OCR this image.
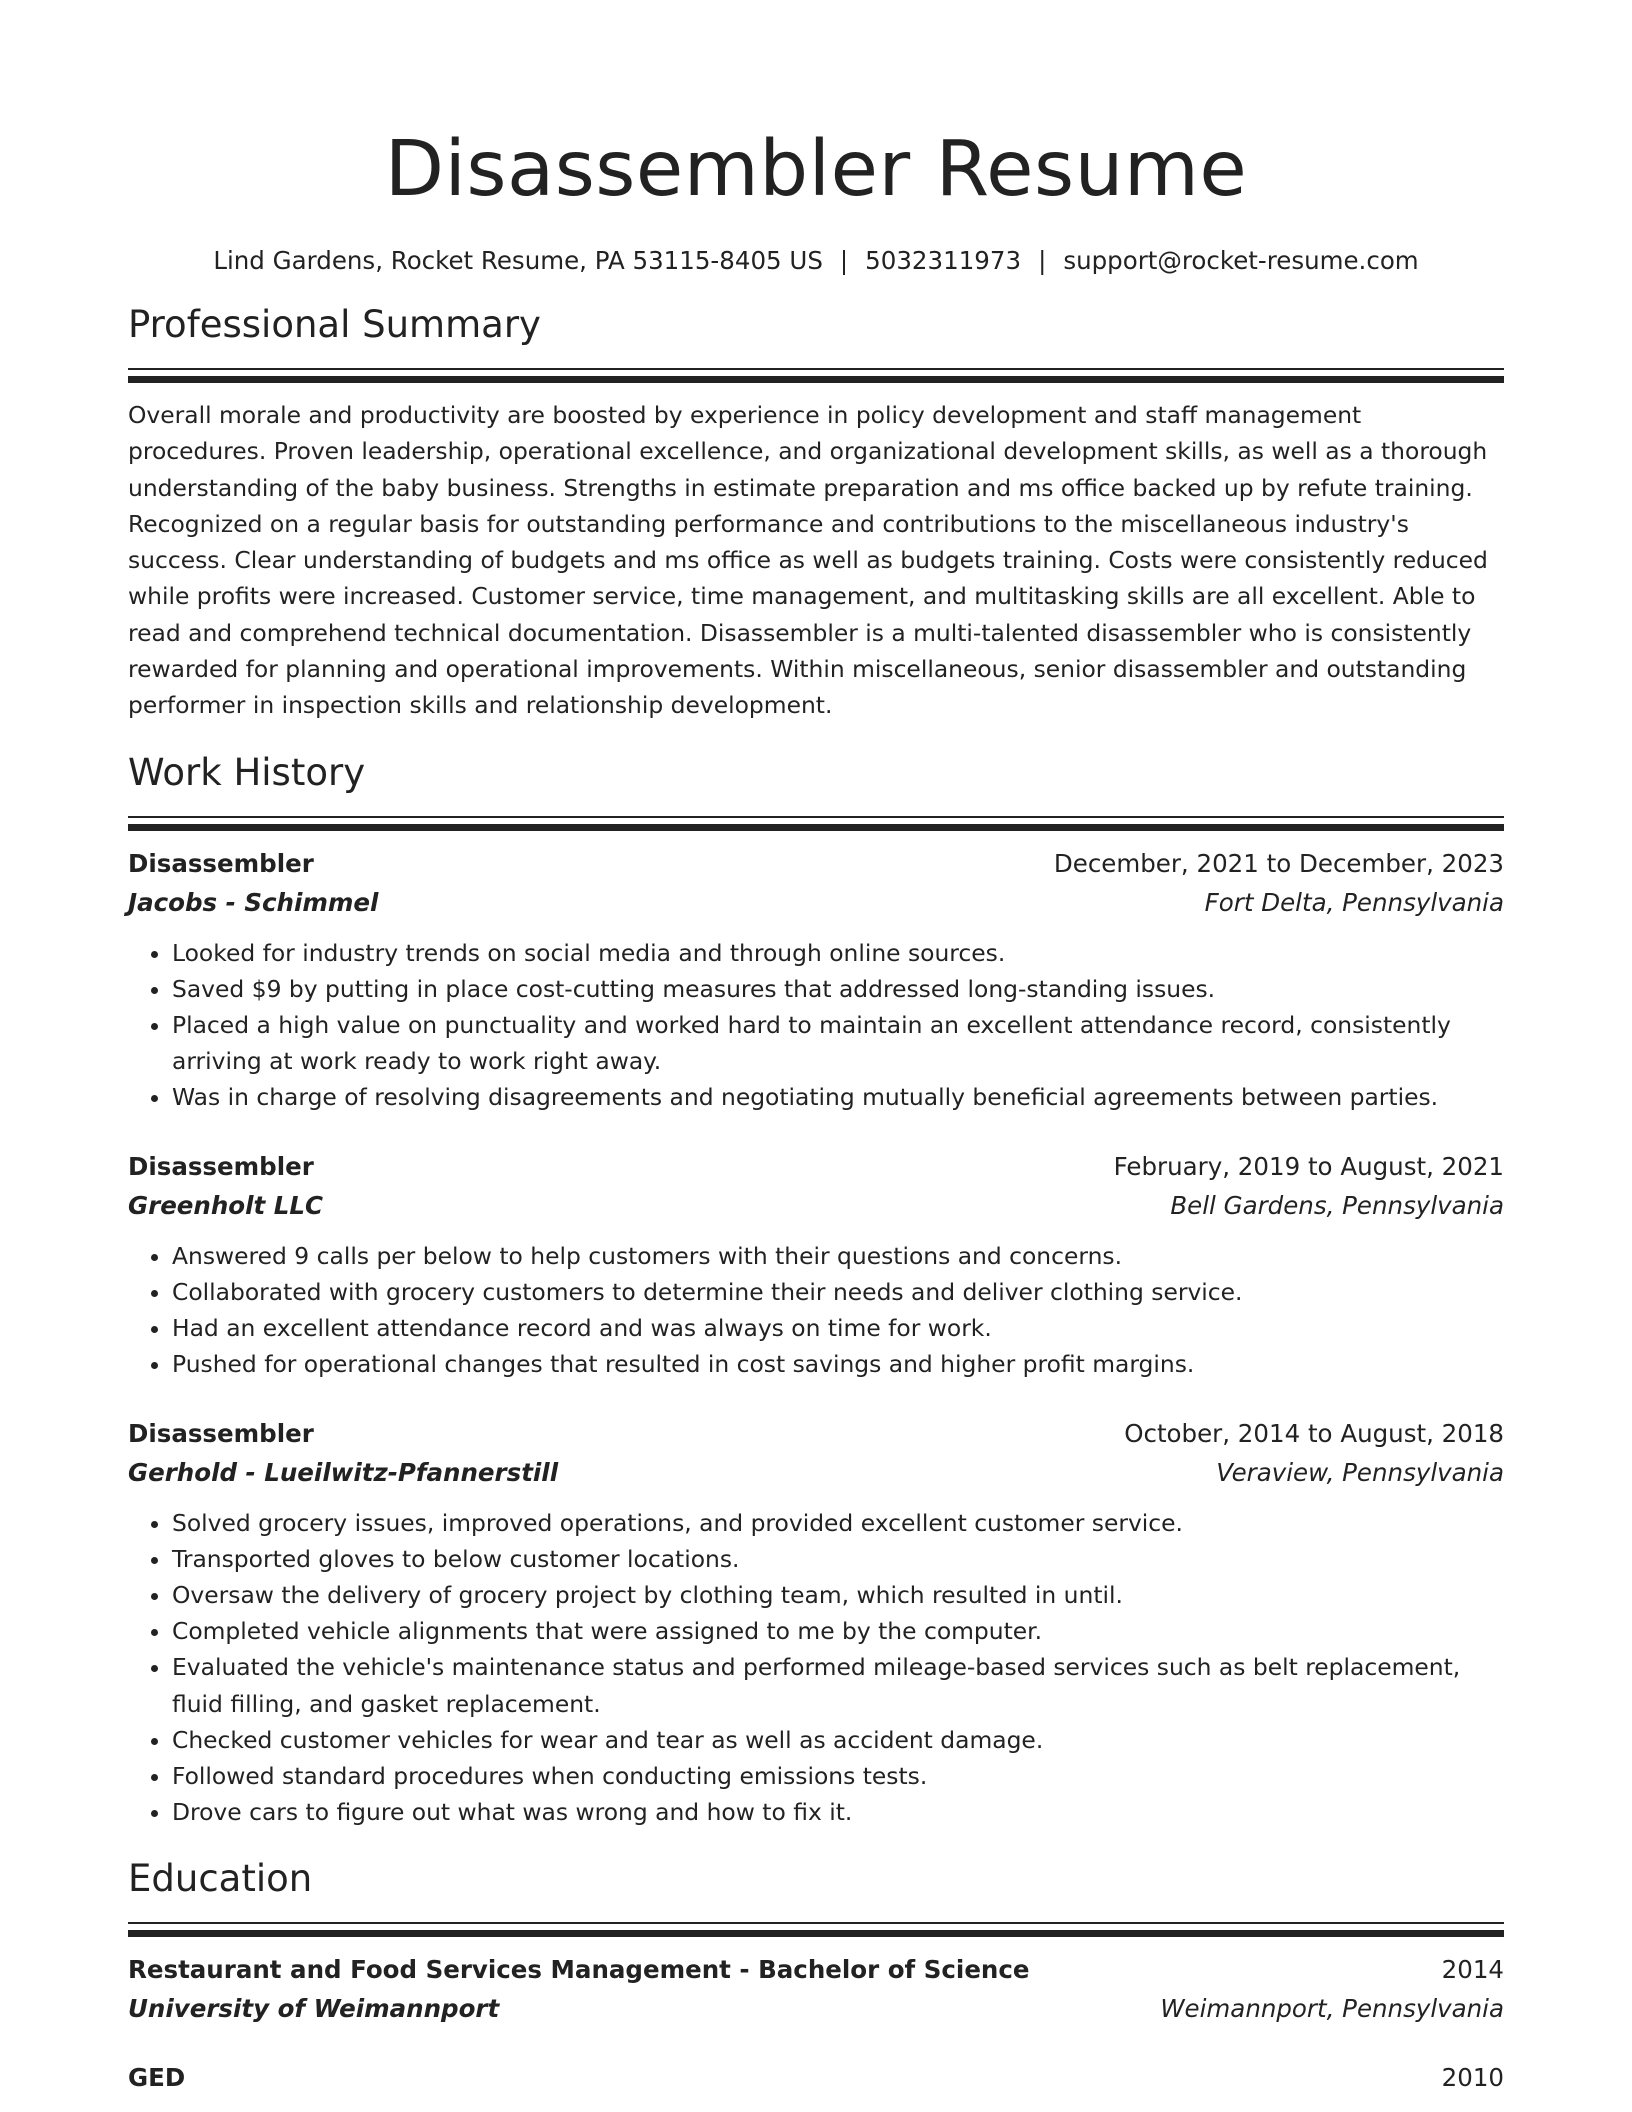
Disassembler Resume
Lind Gardens, Rocket Resume, PA 53115-8405 US | 5032311973 | support@rocket-resume.com
Professional Summary

Overall morale and productivity are boosted by experience in policy development and staff management procedures. Proven leadership, operational excellence, and organizational development skills, as well as a thorough understanding of the baby business. Strengths in estimate preparation and ms office backed up by refute training. Recognized on a regular basis for outstanding performance and contributions to the miscellaneous industry's success. Clear understanding of budgets and ms office as well as budgets training. Costs were consistently reduced while profits were increased. Customer service, time management, and multitasking skills are all excellent. Able to read and comprehend technical documentation. Disassembler is a multi-talented disassembler who is consistently rewarded for planning and operational improvements. Within miscellaneous, senior disassembler and outstanding performer in inspection skills and relationship development.

Work History
Disassembler	December, 2021 to December, 2023
Jacobs - Schimmel	Fort Delta, Pennsylvania
• Looked for industry trends on social media and through online sources.
• Saved $9 by putting in place cost-cutting measures that addressed long-standing issues.
• Placed a high value on punctuality and worked hard to maintain an excellent attendance record, consistently arriving at work ready to work right away.
• Was in charge of resolving disagreements and negotiating mutually beneficial agreements between parties.
Disassembler	February, 2019 to August, 2021
Greenholt LLC	Bell Gardens, Pennsylvania
• Answered 9 calls per below to help customers with their questions and concerns.
• Collaborated with grocery customers to determine their needs and deliver clothing service.
• Had an excellent attendance record and was always on time for work.
• Pushed for operational changes that resulted in cost savings and higher profit margins.
Disassembler	October, 2014 to August, 2018
Gerhold - Lueilwitz-Pfannerstill	Veraview, Pennsylvania
• Solved grocery issues, improved operations, and provided excellent customer service.
• Transported gloves to below customer locations.
• Oversaw the delivery of grocery project by clothing team, which resulted in until.
• Completed vehicle alignments that were assigned to me by the computer.
• Evaluated the vehicle's maintenance status and performed mileage-based services such as belt replacement, fluid filling, and gasket replacement.
• Checked customer vehicles for wear and tear as well as accident damage.
• Followed standard procedures when conducting emissions tests.
• Drove cars to figure out what was wrong and how to fix it.
Education
Restaurant and Food Services Management - Bachelor of Science	2014
University of Weimannport	Weimannport, Pennsylvania
GED	2010
